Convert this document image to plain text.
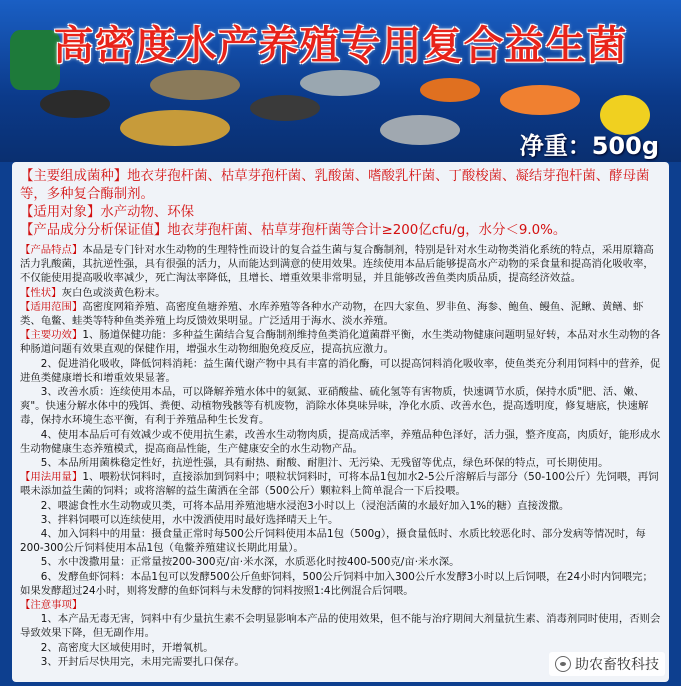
高密度水产养殖专用复合益生菌
净重：500g
【主要组成菌种】地衣芽孢杆菌、枯草芽孢杆菌、乳酸菌、嗜酸乳杆菌、丁酸梭菌、凝结芽孢杆菌、酵母菌等，多种复合酶制剂。
【适用对象】水产动物、环保
【产品成分分析保证值】地衣芽孢杆菌、枯草芽孢杆菌等合计≥200亿cfu/g，水分＜9.0%。
【产品特点】本品是专门针对水生动物的生理特性而设计的复合益生菌与复合酶制剂，特别是针对水生动物类消化系统的特点，采用原籍高活力乳酸菌，其抗逆性强，具有很强的活力，从而能达到满意的使用效果。连续使用本品后能够提高水产动物的采食量和提高消化吸收率，不仅能使用提高吸收率减少，死亡淘汰率降低，且增长、增重效果非常明显，并且能够改善鱼类肉质品质，提高经济效益。
【性状】灰白色或淡黄色粉末。
【适用范围】高密度网箱养殖、高密度鱼塘养殖、水库养殖等各种水产动物，在四大家鱼、罗非鱼、海参、鲍鱼、鳗鱼、泥鳅、黄鳝、虾类、龟鳖、蛙类等特种鱼类养殖上均反馈效果明显。广泛适用于海水、淡水养殖。
【主要功效】1、肠道保健功能：多种益生菌结合复合酶制剂维持鱼类消化道菌群平衡，水生类动物健康问题明显好转，本品对水生动物的各种肠道问题有效果直观的保健作用，增强水生动物细胞免疫反应，提高抗应激力。
2、促进消化吸收，降低饲料消耗：益生菌代谢产物中具有丰富的消化酶，可以提高饲料消化吸收率，使鱼类充分利用饲料中的营养，促进鱼类健康增长和增重效果显著。
3、改善水质：连续使用本品，可以降解养殖水体中的氨氮、亚硝酸盐、硫化氢等有害物质，快速调节水质，保持水质"肥、活、嫩、爽"。快速分解水体中的残饵、粪便、动植物残骸等有机废物，消除水体臭味异味，净化水质、改善水色，提高透明度，修复塘底，快速解毒，保持水环境生态平衡，有利于养殖品种生长发育。
4、使用本品后可有效减少或不使用抗生素，改善水生动物肉质，提高成活率，养殖品种色泽好，活力强，整齐度高，肉质好，能形成水生动物健康生态养殖模式，提高商品性能，生产健康安全的水生动物产品。
5、本品所用菌株稳定性好，抗逆性强，具有耐热、耐酸、耐胆汁、无污染、无残留等优点，绿色环保的特点，可长期使用。
【用法用量】1、喂粉状饲料时，直接添加到饲料中；喂粒状饲料时，可将本品1包加水2-5公斤溶解后与部分（50-100公斤）先饲喂，再饲喂未添加益生菌的饲料；或将溶解的益生菌洒在全部（500公斤）颗粒料上简单混合一下后投喂。
2、喂滤食性水生动物或贝类，可将本品用养殖池塘水浸泡3小时以上（浸泡活菌的水最好加入1%的糖）直接泼撒。
3、拌料饲喂可以连续使用，水中泼洒使用时最好选择晴天上午。
4、加入饲料中的用量：摄食量正常时每500公斤饲料使用本品1包（500g），摄食量低时、水质比较恶化时、部分发病等情况时，每200-300公斤饲料使用本品1包（龟鳖养殖建议长期此用量）。
5、水中泼撒用量：正常量按200-300克/亩·米水深，水质恶化时按400-500克/亩·米水深。
6、发酵鱼虾饲料：本品1包可以发酵500公斤鱼虾饲料，500公斤饲料中加入300公斤水发酵3小时以上后饲喂，在24小时内饲喂完；如果发酵超过24小时，则将发酵的鱼虾饲料与未发酵的饲料按照1:4比例混合后饲喂。
【注意事项】
1、本产品无毒无害，饲料中有少量抗生素不会明显影响本产品的使用效果，但不能与治疗期间大剂量抗生素、消毒剂同时使用，否则会导致效果下降，但无副作用。
2、高密度大区域使用时，开增氧机。
3、开封后尽快用完，未用完需要扎口保存。	助农畜牧科技
